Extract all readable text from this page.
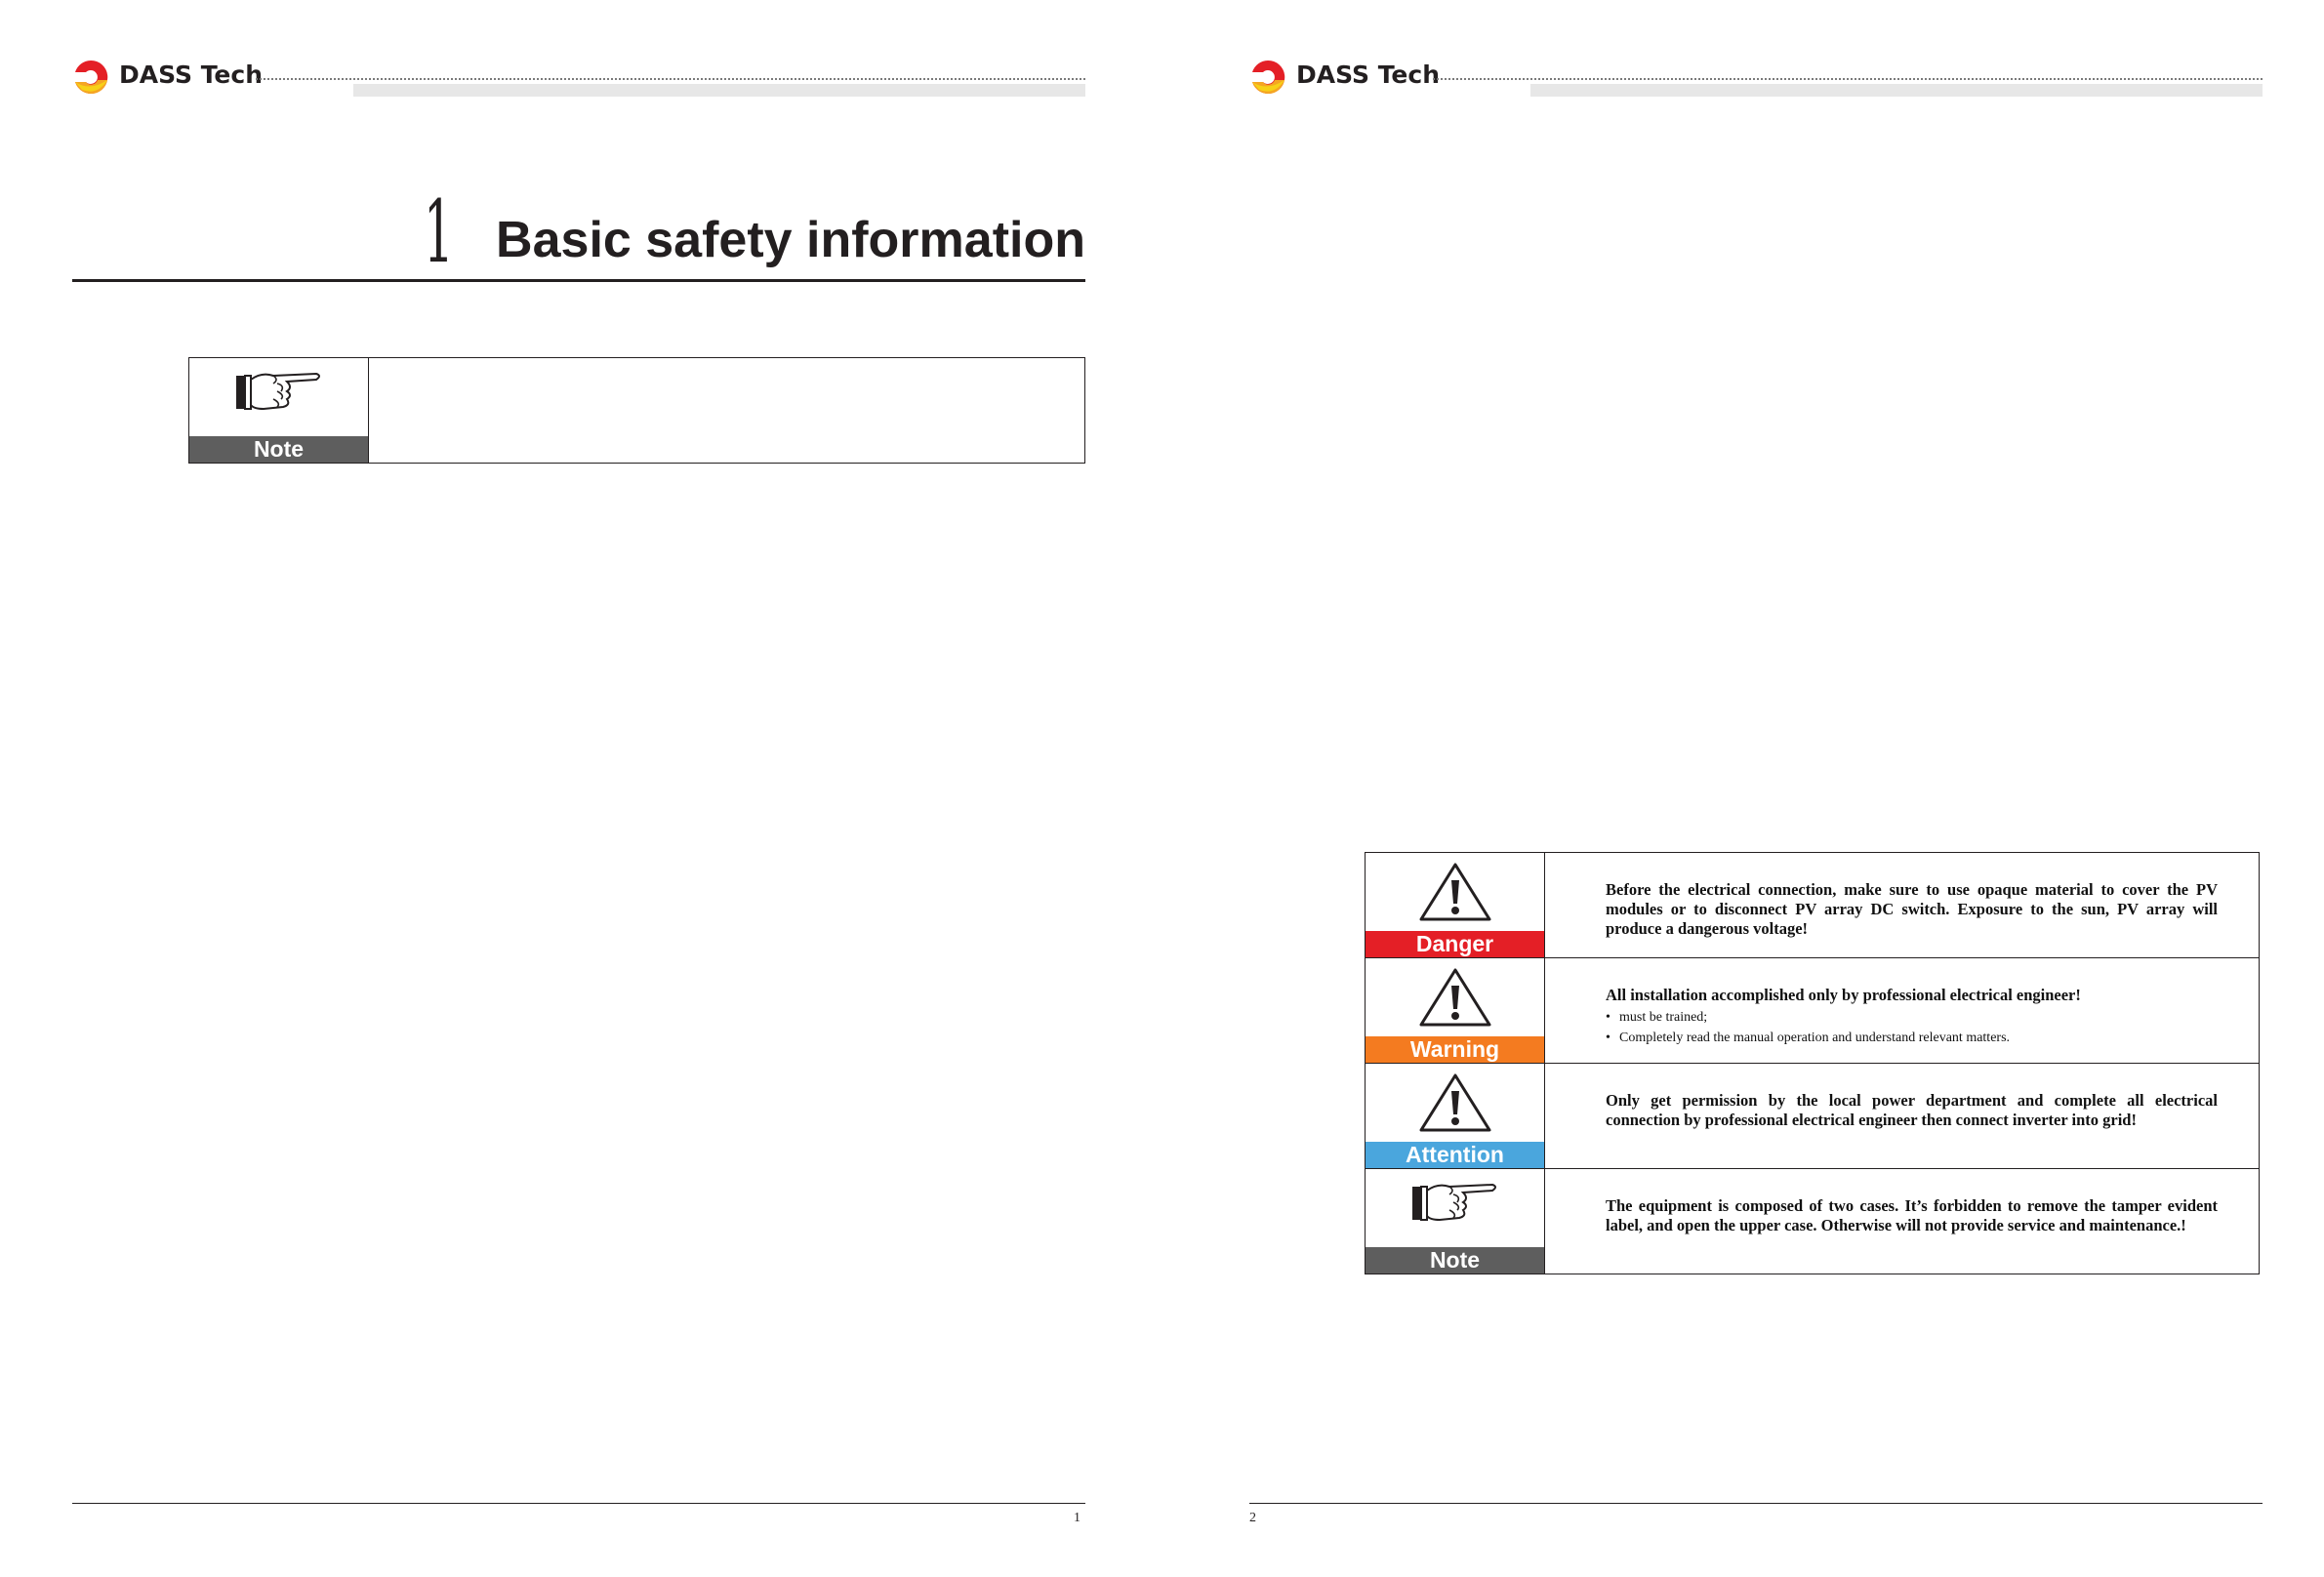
DASS Tech
1 Basic safety information
Note
1
DASS Tech
Danger
Before the electrical connection, make sure to use opaque material to cover the PV modules or to disconnect PV array DC switch. Exposure to the sun, PV array will produce a dangerous voltage!
Warning
All installation accomplished only by professional electrical engineer!
• must be trained;
• Completely read the manual operation and understand relevant matters.
Attention
Only get permission by the local power department and complete all electrical connection by professional electrical engineer then connect inverter into grid!
Note
The equipment is composed of two cases. It’s forbidden to remove the tamper evident label, and open the upper case. Otherwise will not provide service and maintenance.!
2
